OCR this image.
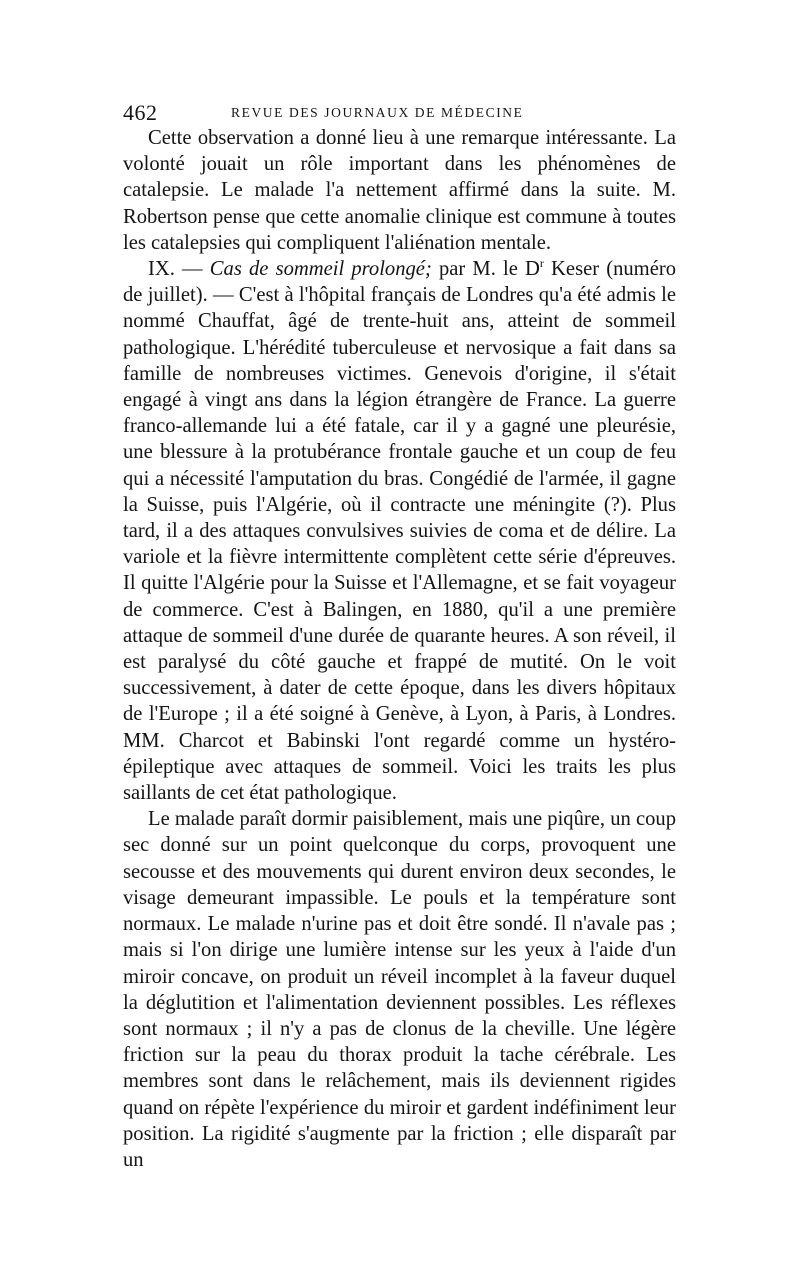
462	REVUE DES JOURNAUX DE MÉDECINE

Cette observation a donné lieu à une remarque intéressante. La volonté jouait un rôle important dans les phénomènes de catalepsie. Le malade l'a nettement affirmé dans la suite. M. Robertson pense que cette anomalie clinique est commune à toutes les catalepsies qui compliquent l'aliénation mentale.

IX. — Cas de sommeil prolongé; par M. le $D^r$ Keser (numéro de juillet). — C'est à l'hôpital français de Londres qu'a été admis le nommé Chauffat, âgé de trente-huit ans, atteint de sommeil pathologique. L'hérédité tuberculeuse et nervosique a fait dans sa famille de nombreuses victimes. Genevois d'origine, il s'était engagé à vingt ans dans la légion étrangère de France. La guerre franco-allemande lui a été fatale, car il y a gagné une pleurésie, une blessure à la protubérance frontale gauche et un coup de feu qui a nécessité l'amputation du bras. Congédié de l'armée, il gagne la Suisse, puis l'Algérie, où il contracte une méningite (?). Plus tard, il a des attaques convulsives suivies de coma et de délire. La variole et la fièvre intermittente complètent cette série d'épreuves. Il quitte l'Algérie pour la Suisse et l'Allemagne, et se fait voyageur de commerce. C'est à Balingen, en 1880, qu'il a une première attaque de sommeil d'une durée de quarante heures. A son réveil, il est paralysé du côté gauche et frappé de mutité. On le voit successivement, à dater de cette époque, dans les divers hôpitaux de l'Europe ; il a été soigné à Genève, à Lyon, à Paris, à Londres. MM. Charcot et Babinski l'ont regardé comme un hystéro-épileptique avec attaques de sommeil. Voici les traits les plus saillants de cet état pathologique.

Le malade paraît dormir paisiblement, mais une piqûre, un coup sec donné sur un point quelconque du corps, provoquent une secousse et des mouvements qui durent environ deux secondes, le visage demeurant impassible. Le pouls et la température sont normaux. Le malade n'urine pas et doit être sondé. Il n'avale pas ; mais si l'on dirige une lumière intense sur les yeux à l'aide d'un miroir concave, on produit un réveil incomplet à la faveur duquel la déglutition et l'alimentation deviennent possibles. Les réflexes sont normaux ; il n'y a pas de clonus de la cheville. Une légère friction sur la peau du thorax produit la tache cérébrale. Les membres sont dans le relâchement, mais ils deviennent rigides quand on répète l'expérience du miroir et gardent indéfiniment leur position. La rigidité s'augmente par la friction ; elle disparaît par un
